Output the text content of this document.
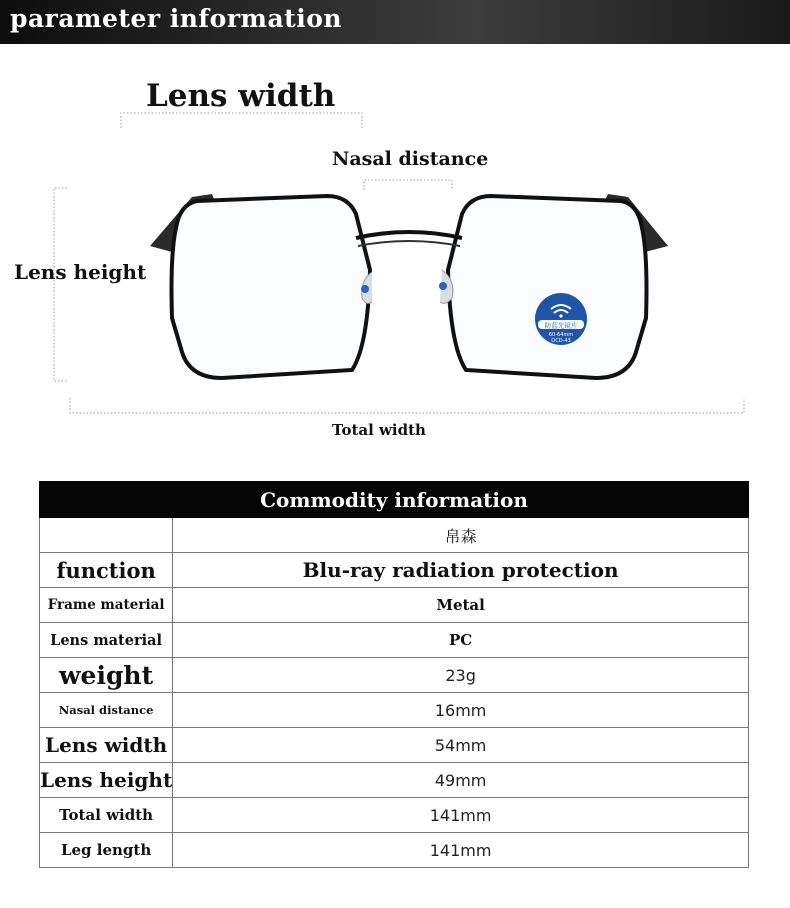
parameter information
防蓝光镜片
60-64mm
OCD-43
Lens width
Nasal distance
Lens height
Total width
Commodity information	
	帛森
function	Blu-ray radiation protection
Frame material	Metal
Lens material	PC
weight	23g
Nasal distance	16mm
Lens width	54mm
Lens height	49mm
Total width	141mm
Leg length	141mm
